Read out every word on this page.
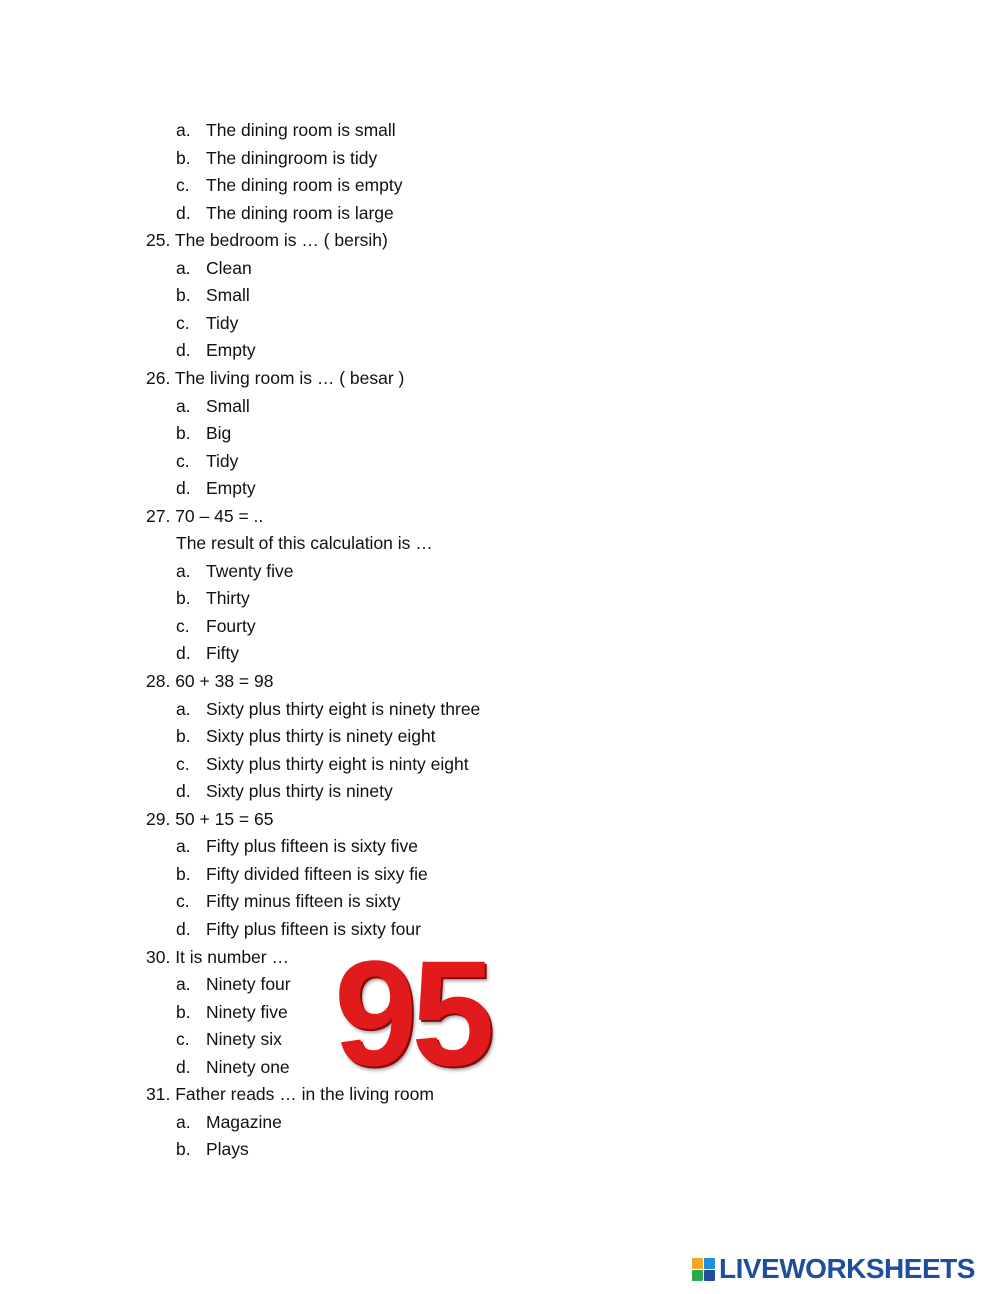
a. The dining room is small
b. The diningroom is tidy
c. The dining room is empty
d. The dining room is large
25. The bedroom is … ( bersih)
a. Clean
b. Small
c. Tidy
d. Empty
26. The living room is … ( besar )
a. Small
b. Big
c. Tidy
d. Empty
27. 70 – 45 = ..
The result of this calculation is …
a. Twenty five
b. Thirty
c. Fourty
d. Fifty
28. 60 + 38 = 98
a. Sixty plus thirty eight is ninety three
b. Sixty plus thirty is ninety eight
c. Sixty plus thirty eight is ninty eight
d. Sixty plus thirty is ninety
29. 50 + 15 = 65
a. Fifty plus fifteen is sixty five
b. Fifty divided fifteen is sixy fie
c. Fifty minus fifteen is sixty
d. Fifty plus fifteen is sixty four
30. It is number …
a. Ninety four
b. Ninety five
c. Ninety six
d. Ninety one
31. Father reads … in the living room
a. Magazine
b. Plays
95
LIVEWORKSHEETS
